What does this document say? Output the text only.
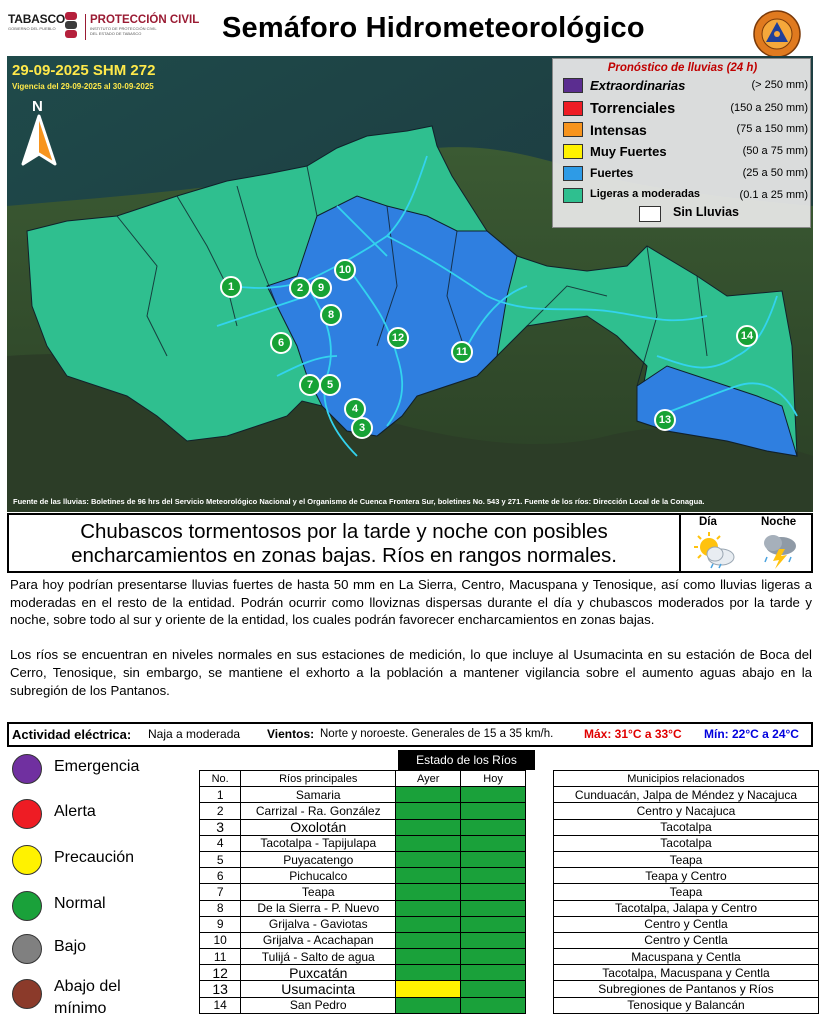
TABASCO
GOBIERNO DEL PUEBLO
PROTECCIÓN CIVIL
INSTITUTO DE PROTECCIÓN CIVIL
DEL ESTADO DE TABASCO	Semáforo Hidrometeorológico
29-09-2025 SHM 272
Vigencia del 29-09-2025 al 30-09-2025
N
Pronóstico de lluvias (24 h)
Extraordinarias	(> 250 mm)
Torrenciales	(150 a 250 mm)
Intensas	(75 a 150 mm)
Muy Fuertes	(50 a 75 mm)
Fuertes	(25 a 50 mm)
Ligeras a moderadas	(0.1 a 25 mm)
Sin Lluvias
1	2	9
10
8
6	12
11
7	5
4
3
14
13
Fuente de las lluvias: Boletines de 96 hrs del Servicio Meteorológico Nacional y el Organismo de Cuenca Frontera Sur, boletines No. 543 y 271. Fuente de los ríos: Dirección Local de la Conagua.
Chubascos tormentosos por la tarde y noche con posibles
encharcamientos en zonas bajas. Ríos en rangos normales.
Día	Noche

Para hoy podrían presentarse lluvias fuertes de hasta 50 mm en La Sierra, Centro, Macuspana y Tenosique, así como lluvias ligeras a moderadas en el resto de la entidad. Podrán ocurrir como lloviznas dispersas durante el día y chubascos moderados por la tarde y noche, sobre todo al sur y oriente de la entidad, los cuales podrán favorecer encharcamientos en zonas bajas.

Los ríos se encuentran en niveles normales en sus estaciones de medición, lo que incluye al Usumacinta en su estación de Boca del Cerro, Tenosique, sin embargo, se mantiene el exhorto a la población a mantener vigilancia sobre el aumento aguas abajo en la subregión de los Pantanos.

Actividad eléctrica: Naja a moderada Vientos: Norte y noroeste. Generales de 15 a 35 km/h.	Máx: 31°C a 33°C Mín: 22°C a 24°C
Emergencia
Alerta
Precaución
Normal
Bajo
Abajo del
mínimo
Estado de los Ríos
No.	Ríos principales	Ayer	Hoy		Municipios relacionados
1	Samaria				Cunduacán, Jalpa de Méndez y Nacajuca
2	Carrizal - Ra. González				Centro y Nacajuca
3	Oxolotán				Tacotalpa
4	Tacotalpa - Tapijulapa				Tacotalpa
5	Puyacatengo				Teapa
6	Pichucalco				Teapa y Centro
7	Teapa				Teapa
8	De la Sierra - P. Nuevo				Tacotalpa, Jalapa y Centro
9	Grijalva - Gaviotas				Centro y Centla
10	Grijalva - Acachapan				Centro y Centla
11	Tulijá - Salto de agua				Macuspana y Centla
12	Puxcatán				Tacotalpa, Macuspana y Centla
13	Usumacinta				Subregiones de Pantanos y Ríos
14	San Pedro				Tenosique y Balancán
